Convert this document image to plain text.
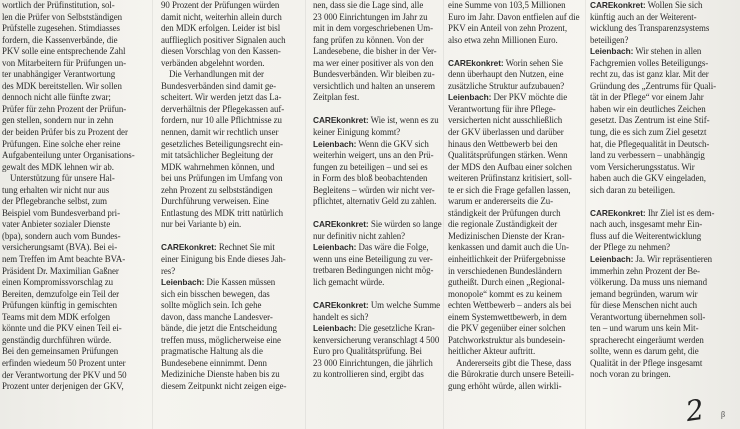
wortlich der Prüfinstitution, sol-

len die Prüfer von Selbstständigen

Prüfstelle zugesehen. Stimdiasses

fordern, die Kassenverbände, die

PKV solle eine entsprechende Zahl

von Mitarbeitern für Prüfungen un-

ter unabhängiger Verantwortung

des MDK bereitstellen. Wir sollen

dennoch nicht alle fünfte zwar;

Prüfer für zehn Prozent der Prüfun-

gen stellen, sondern nur in zehn

der beiden Prüfer bis zu Prozent der

Prüfungen. Eine solche eher reine

Aufgabenteilung unter Organisations-

gewalt des MDK lehnen wir ab.

Unterstützung für unsere Hal-

tung erhalten wir nicht nur aus

der Pflegebranche selbst, zum

Beispiel vom Bundesverband pri-

vater Anbieter sozialer Dienste

(bpa), sondern auch vom Bundes-

versicherungsamt (BVA). Bei ei-

nem Treffen im Amt beachte BVA-

Präsident Dr. Maximilian Gaßner

einen Kompromissvorschlag zu

Bereiten, demzufolge ein Teil der

Prüfungen künftig in gemischten

Teams mit dem MDK erfolgen

könnte und die PKV einen Teil ei-

genständig durchführen würde.

Bei den gemeinsamen Prüfungen

erfinden wiedeum 50 Prozent unter

der Verantwortung der PKV und 50

Prozent unter derjenigen der GKV,

90 Prozent der Prüfungen würden

damit nicht, weiterhin allein durch

den MDK erfolgen. Leider ist bisl

aufflieglich positiver Signalen auch

diesen Vorschlag von den Kassen-

verbänden abgelehnt worden.

Die Verhandlungen mit der

Bundesverbänden sind damit ge-

scheitert. Wir werden jetzt das La-

derverhältnis der Pflegekassen auf-

fordern, nur 10 alle Pflichtnisse zu

nennen, damit wir rechtlich unser

gesetzliches Beteiligungsrecht ein-

mit tatsächlicher Begleitung der

MDK wahrnehmen können, und

bei uns Prüfungen im Umfang von

zehn Prozent zu selbstständigen

Durchführung verweisen. Eine

Entlastung des MDK tritt natürlich

nur bei Variante b) ein.

CAREkonkret: Rechnet Sie mit

einer Einigung bis Ende dieses Jah-

res?

Leienbach: Die Kassen müssen

sich ein bisschen bewegen, das

sollte möglich sein. Ich gehe

davon, dass manche Landesver-

bände, die jetzt die Entscheidung

treffen muss, möglicherweise eine

pragmatische Haltung als die

Bundesebene einnimmt. Denn

Mediziniche Dienste haben bis zu

diesem Zeitpunkt nicht zeigen eige-

nen, dass sie die Lage sind, alle

23 000 Einrichtungen im Jahr zu

mit in dem vorgeschriebenen Um-

fang prüfen zu können. Von der

Landesebene, die bisher in der Ver-

ma wer einer positiver als von den

Bundesverbänden. Wir bleiben zu-

versichtlich und halten an unserem

Zeitplan fest.

CAREkonkret: Wie ist, wenn es zu

keiner Einigung kommt?

Leienbach: Wenn die GKV sich

weiterhin weigert, uns an den Prü-

fungen zu beteiligen – und sei es

in Form des bloß beobachtenden

Begleitens – würden wir nicht ver-

pflichtet, alternativ Geld zu zahlen.

CAREkonkret: Sie würden so lange

nur definitiv nicht zahlen?

Leienbach: Das wäre die Folge,

wenn uns eine Beteiligung zu ver-

tretbaren Bedingungen nicht mög-

lich gemacht würde.

CAREkonkret: Um welche Summe

handelt es sich?

Leienbach: Die gesetzliche Kran-

kenversicherung veranschlagt 4 500

Euro pro Qualitätsprüfung. Bei

23 000 Einrichtungen, die jährlich

zu kontrollieren sind, ergibt das

eine Summe von 103,5 Millionen

Euro im Jahr. Davon entfielen auf die

PKV ein Anteil von zehn Prozent,

also etwa zehn Millionen Euro.

CAREkonkret: Worin sehen Sie

denn überhaupt den Nutzen, eine

zusätzliche Struktur aufzubauen?

Leienbach: Der PKV möchte die

Verantwortung für ihre Pflege-

versicherten nicht ausschließlich

der GKV überlassen und darüber

hinaus den Wettbewerb bei den

Qualitätsprüfungen stärken. Wenn

der MDS den Aufbau einer solchen

weiteren Prüfinstanz kritisiert, soll-

te er sich die Frage gefallen lassen,

warum er andererseits die Zu-

ständigkeit der Prüfungen durch

die regionale Zuständigkeit der

Medizinischen Dienste der Kran-

kenkassen und damit auch die Un-

einheitlichkeit der Prüfergebnisse

in verschiedenen Bundesländern

gutheißt. Durch einen „Regional-

monopole“ kommt es zu keinem

echten Wettbewerb – anders als bei

einem Systemwettbewerb, in dem

die PKV gegenüber einer solchen

Patchworkstruktur als bundesein-

heitlicher Akteur auftritt.

Andererseits gibt die These, dass

die Bürokratie durch unsere Beteili-

gung erhöht würde, allen wirkli-

CAREkonkret: Wollen Sie sich

künftig auch an der Weiterent-

wicklung des Transparenzsystems

beteiligen?

Leienbach: Wir stehen in allen

Fachgremien volles Beteiligungs-

recht zu, das ist ganz klar. Mit der

Gründung des „Zentrums für Quali-

tät in der Pflege“ vor einem Jahr

haben wir ein deutliches Zeichen

gesetzt. Das Zentrum ist eine Stif-

tung, die es sich zum Ziel gesetzt

hat, die Pflegequalität in Deutsch-

land zu verbessern – unabhängig

vom Versicherungsstatus. Wir

haben auch die GKV eingeladen,

sich daran zu beteiligen.

CAREkonkret: Ihr Ziel ist es dem-

nach auch, insgesamt mehr Ein-

fluss auf die Weiterentwicklung

der Pflege zu nehmen?

Leienbach: Ja. Wir repräsentieren

immerhin zehn Prozent der Be-

völkerung. Da muss uns niemand

jemand begründen, warum wir

für diese Menschen nicht auch

Verantwortung übernehmen soll-

ten – und warum uns kein Mit-

spracherecht eingeräumt werden

sollte, wenn es darum geht, die

Qualität in der Pflege insgesamt

noch voran zu bringen.

2 β
